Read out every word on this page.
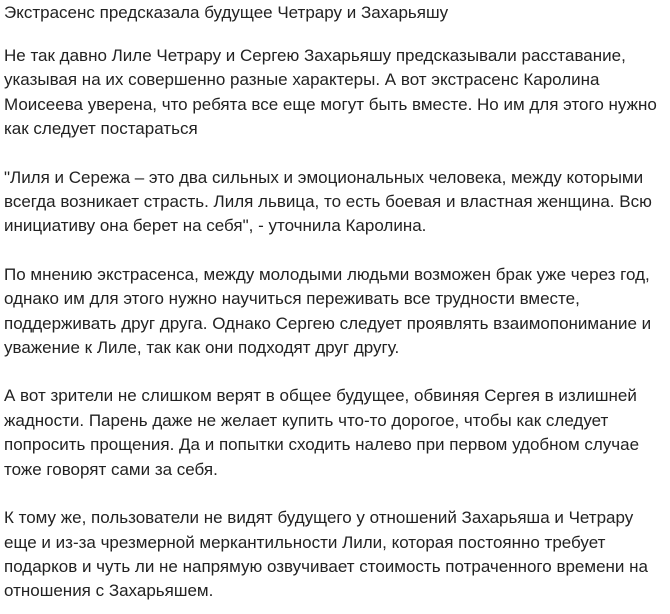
Экстрасенс предсказала будущее Четрару и Захарьяшу

Не так давно Лиле Четрару и Сергею Захарьяшу предсказывали расставание, указывая на их совершенно разные характеры. А вот экстрасенс Каролина Моисеева уверена, что ребята все еще могут быть вместе. Но им для этого нужно как следует постараться

"Лиля и Сережа – это два сильных и эмоциональных человека, между которыми всегда возникает страсть. Лиля львица, то есть боевая и властная женщина. Всю инициативу она берет на себя", - уточнила Каролина.

По мнению экстрасенса, между молодыми людьми возможен брак уже через год, однако им для этого нужно научиться переживать все трудности вместе, поддерживать друг друга. Однако Сергею следует проявлять взаимопонимание и уважение к Лиле, так как они подходят друг другу.

А вот зрители не слишком верят в общее будущее, обвиняя Сергея в излишней жадности. Парень даже не желает купить что-то дорогое, чтобы как следует попросить прощения. Да и попытки сходить налево при первом удобном случае тоже говорят сами за себя.

К тому же, пользователи не видят будущего у отношений Захарьяша и Четрару еще и из-за чрезмерной меркантильности Лили, которая постоянно требует подарков и чуть ли не напрямую озвучивает стоимость потраченного времени на отношения с Захарьяшем.
